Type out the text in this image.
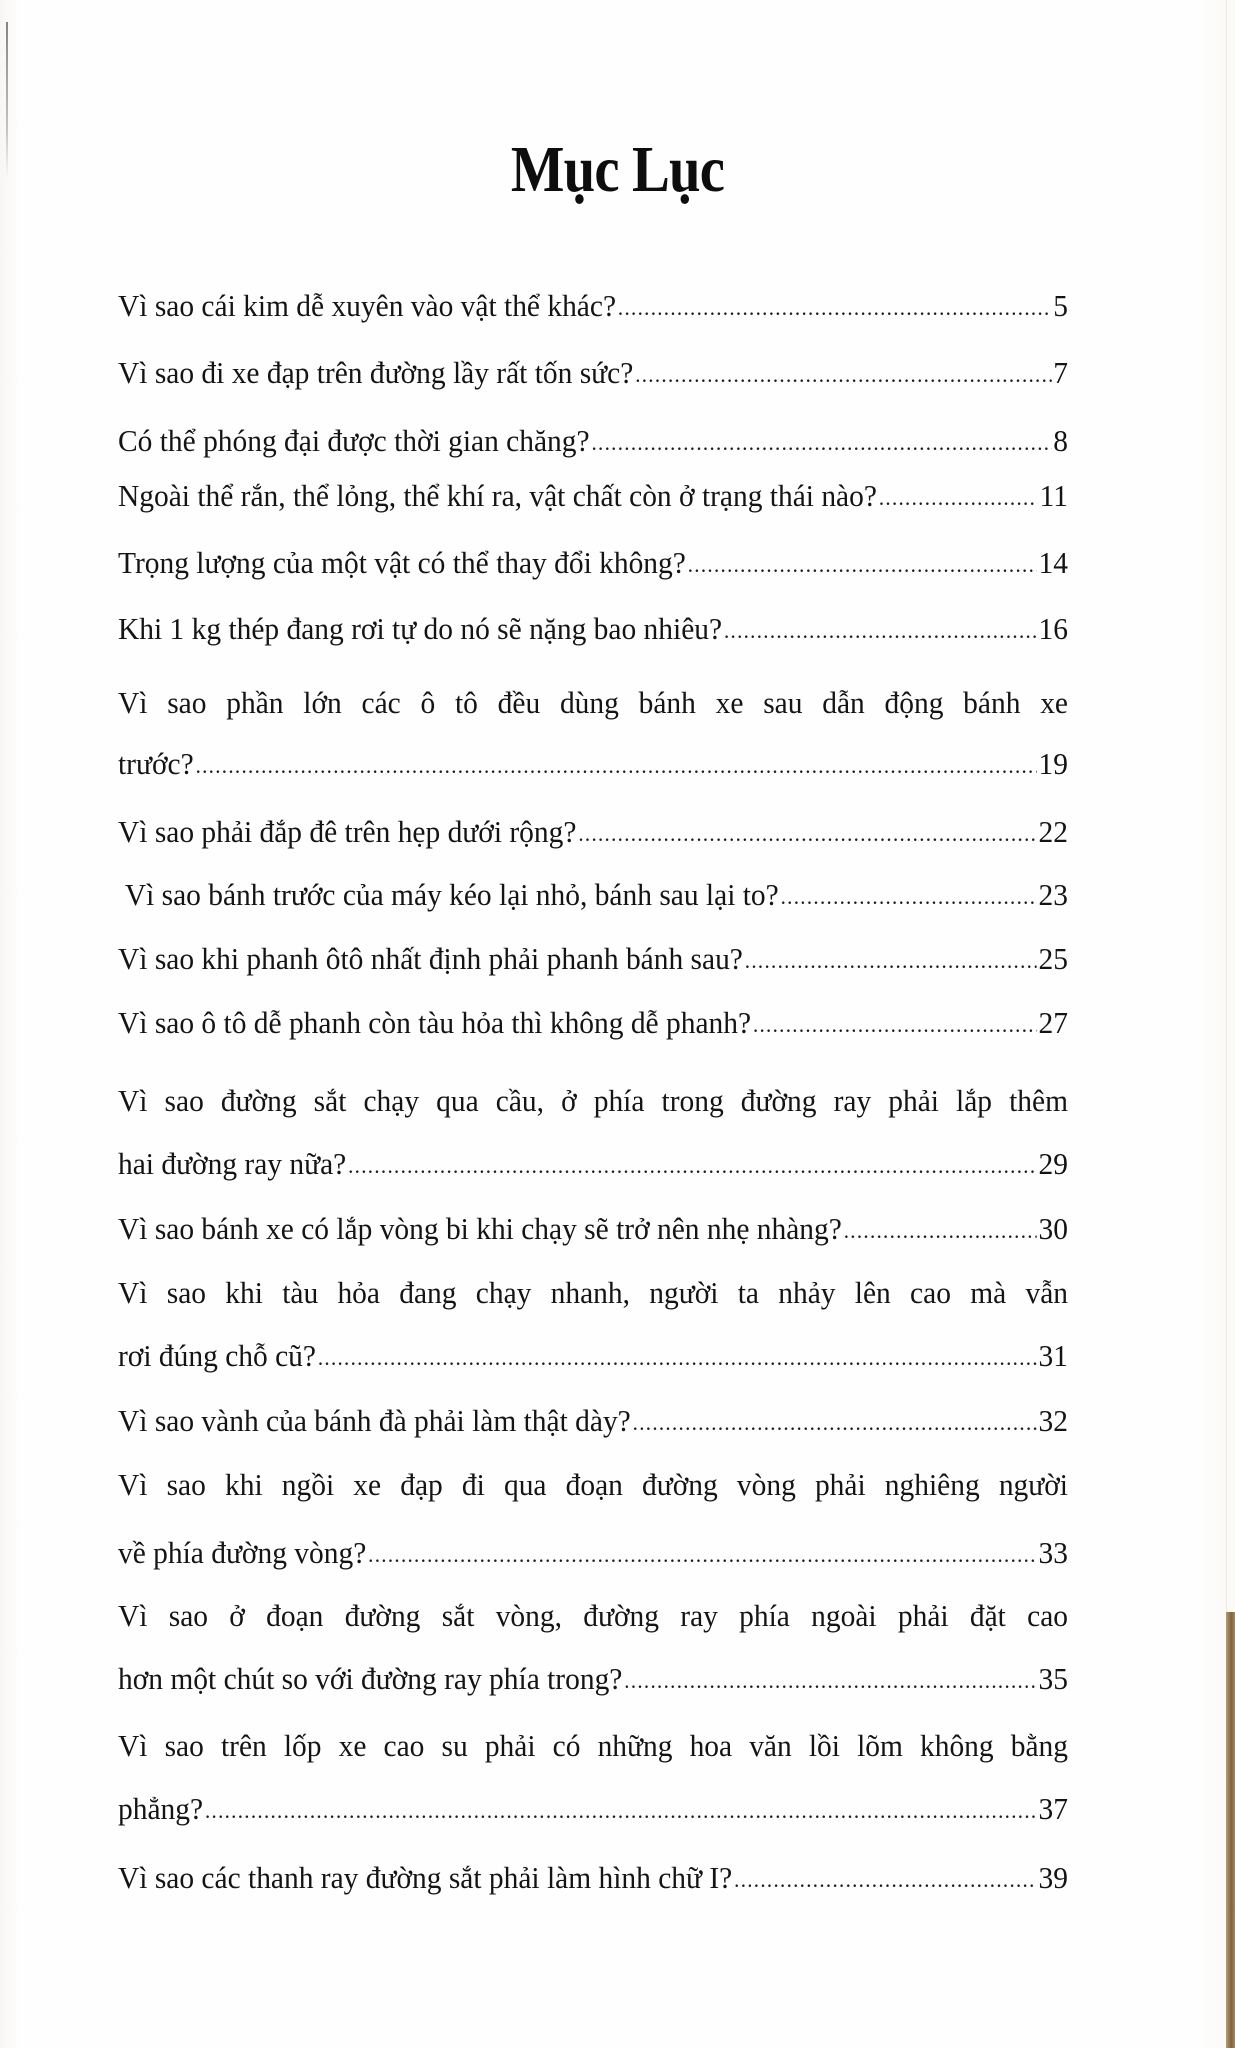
Mục Lục
Vì sao cái kim dễ xuyên vào vật thể khác? .....	5
Vì sao đi xe đạp trên đường lầy rất tốn sức? .....	7
Có thể phóng đại được thời gian chăng? .....	8
Ngoài thể rắn, thể lỏng, thể khí ra, vật chất còn ở trạng thái nào? .....	11
Trọng lượng của một vật có thể thay đổi không? .....	14
Khi 1 kg thép đang rơi tự do nó sẽ nặng bao nhiêu? .....	16
Vì sao phần lớn các ô tô đều dùng bánh xe sau dẫn động bánh xe
trước? .....	19
Vì sao phải đắp đê trên hẹp dưới rộng? .....	22
Vì sao bánh trước của máy kéo lại nhỏ, bánh sau lại to? .....	23
Vì sao khi phanh ôtô nhất định phải phanh bánh sau? .....	25
Vì sao ô tô dễ phanh còn tàu hỏa thì không dễ phanh? .....	27
Vì sao đường sắt chạy qua cầu, ở phía trong đường ray phải lắp thêm
hai đường ray nữa? .....	29
Vì sao bánh xe có lắp vòng bi khi chạy sẽ trở nên nhẹ nhàng? .....	30
Vì sao khi tàu hỏa đang chạy nhanh, người ta nhảy lên cao mà vẫn
rơi đúng chỗ cũ? .....	31
Vì sao vành của bánh đà phải làm thật dày? .....	32
Vì sao khi ngồi xe đạp đi qua đoạn đường vòng phải nghiêng người
về phía đường vòng? .....	33
Vì sao ở đoạn đường sắt vòng, đường ray phía ngoài phải đặt cao
hơn một chút so với đường ray phía trong? .....	35
Vì sao trên lốp xe cao su phải có những hoa văn lồi lõm không bằng
phẳng? .....	37
Vì sao các thanh ray đường sắt phải làm hình chữ I? .....	39
